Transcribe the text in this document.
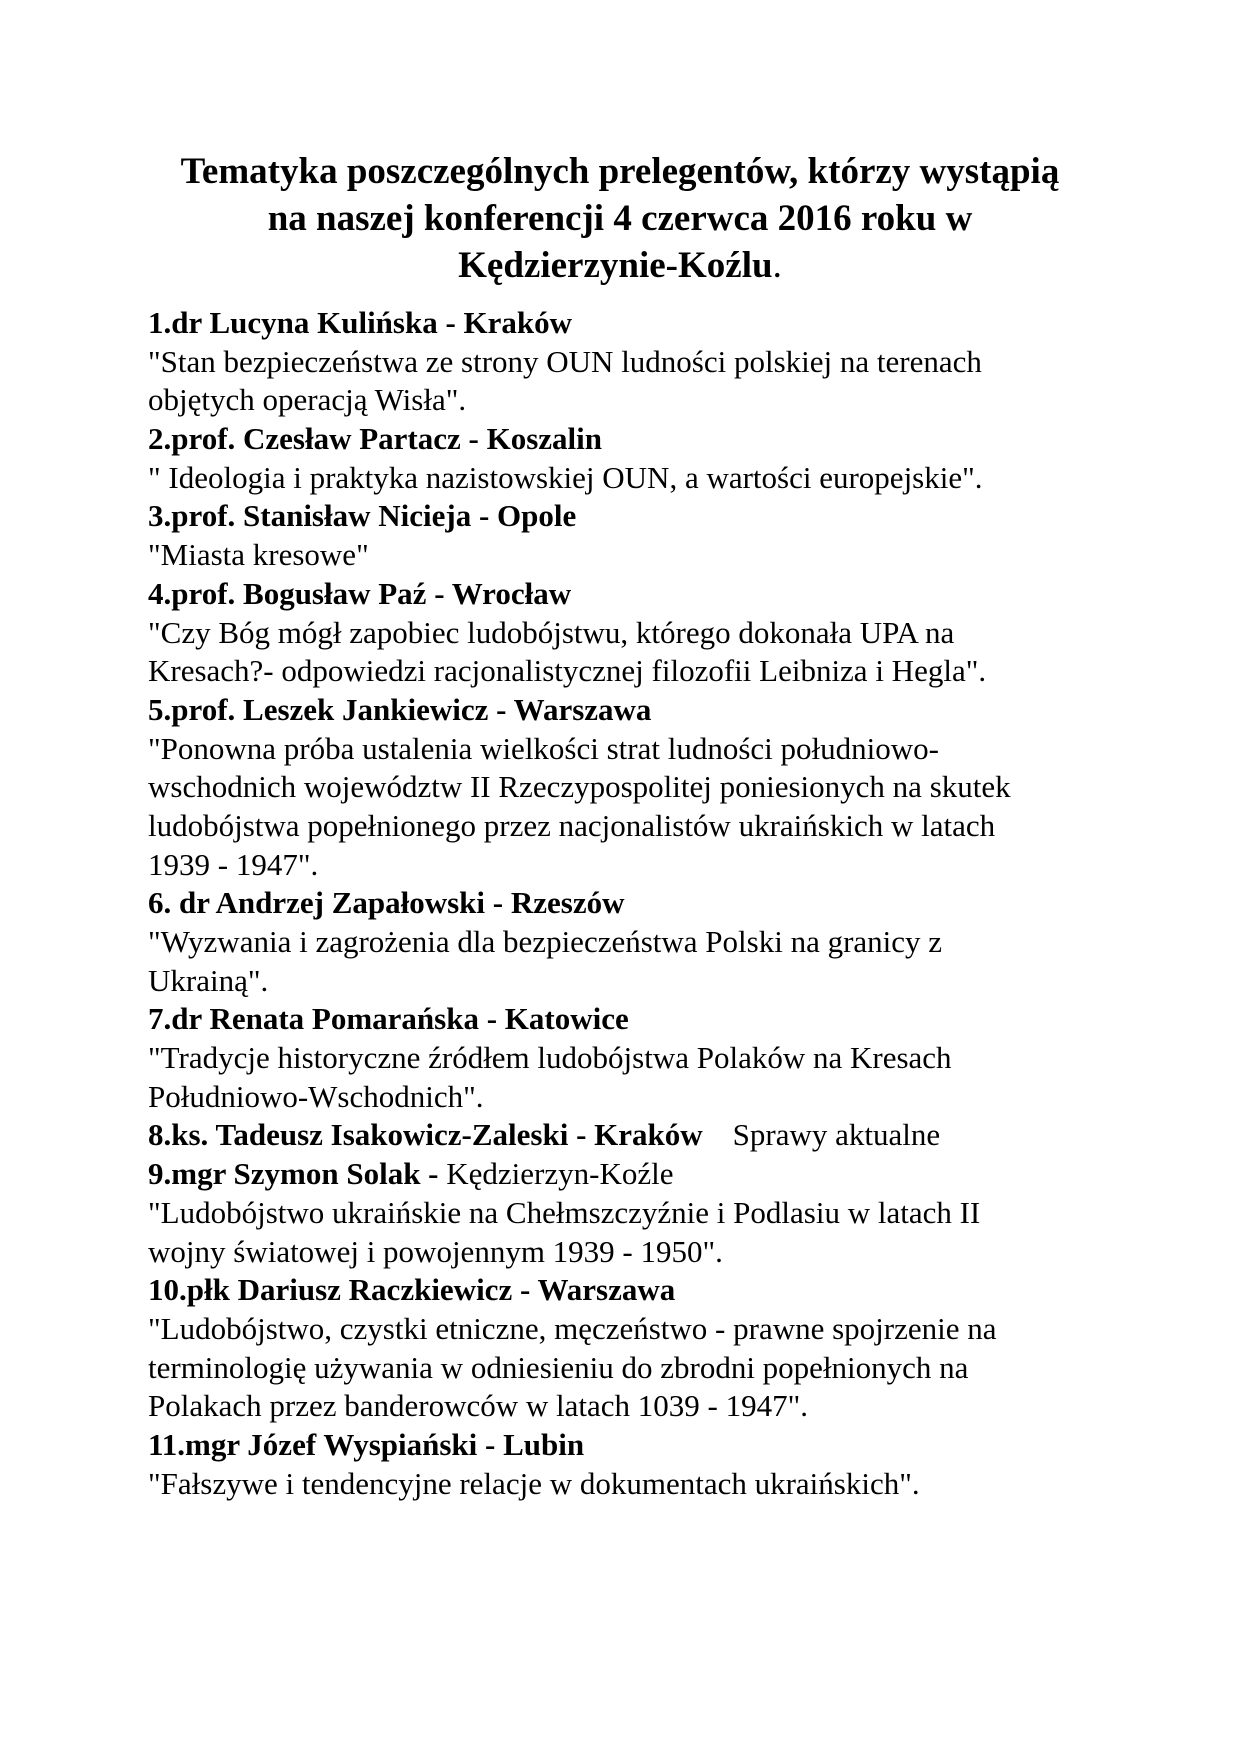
Tematyka poszczególnych prelegentów, którzy wystąpią
na naszej konferencji 4 czerwca 2016 roku w
Kędzierzynie-Koźlu.
1.dr Lucyna Kulińska - Kraków
"Stan bezpieczeństwa ze strony OUN ludności polskiej na terenach
objętych operacją Wisła".
2.prof. Czesław Partacz - Koszalin
" Ideologia i praktyka nazistowskiej OUN, a wartości europejskie".
3.prof. Stanisław Nicieja - Opole
"Miasta kresowe"
4.prof. Bogusław Paź - Wrocław
"Czy Bóg mógł zapobiec ludobójstwu, którego dokonała UPA na
Kresach?- odpowiedzi racjonalistycznej filozofii Leibniza i Hegla".
5.prof. Leszek Jankiewicz - Warszawa
"Ponowna próba ustalenia wielkości strat ludności południowo-
wschodnich województw II Rzeczypospolitej poniesionych na skutek
ludobójstwa popełnionego przez nacjonalistów ukraińskich w latach
1939 - 1947".
6. dr Andrzej Zapałowski - Rzeszów
"Wyzwania i zagrożenia dla bezpieczeństwa Polski na granicy z
Ukrainą".
7.dr Renata Pomarańska - Katowice
"Tradycje historyczne źródłem ludobójstwa Polaków na Kresach
Południowo-Wschodnich".
8.ks. Tadeusz Isakowicz-Zaleski - Kraków Sprawy aktualne
9.mgr Szymon Solak - Kędzierzyn-Koźle
"Ludobójstwo ukraińskie na Chełmszczyźnie i Podlasiu w latach II
wojny światowej i powojennym 1939 - 1950".
10.płk Dariusz Raczkiewicz - Warszawa
"Ludobójstwo, czystki etniczne, męczeństwo - prawne spojrzenie na
terminologię używania w odniesieniu do zbrodni popełnionych na
Polakach przez banderowców w latach 1039 - 1947".
11.mgr Józef Wyspiański - Lubin
"Fałszywe i tendencyjne relacje w dokumentach ukraińskich".
